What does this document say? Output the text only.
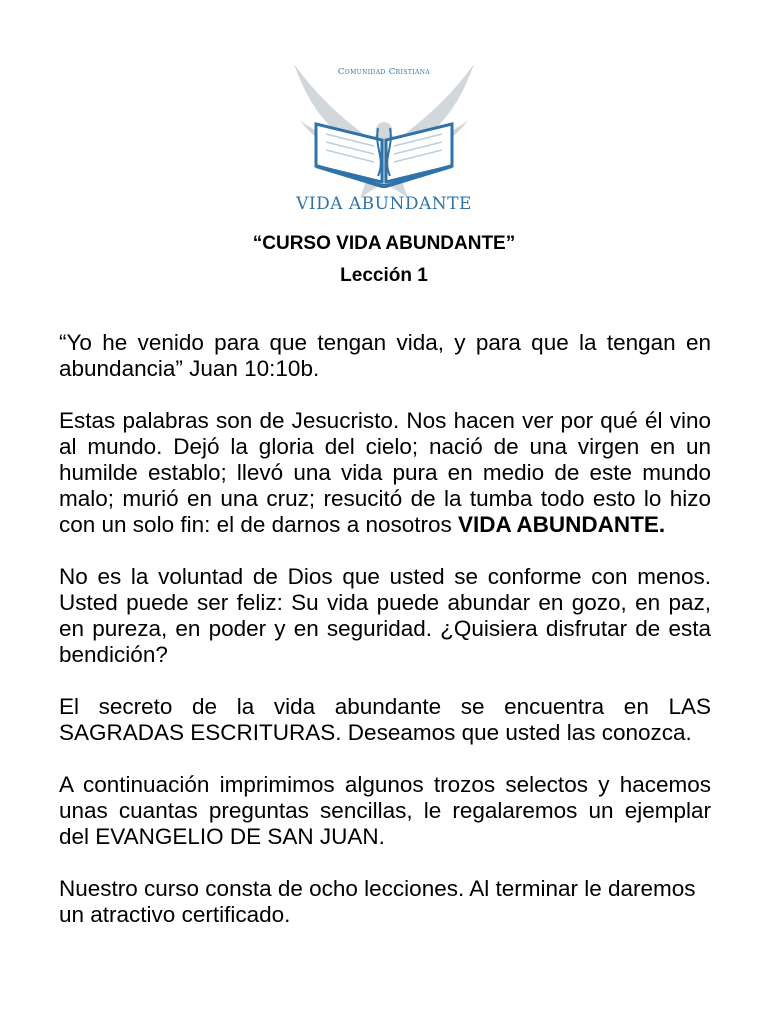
Comunidad Cristiana
VIDA ABUNDANTE
“CURSO VIDA ABUNDANTE”
Lección 1

“Yo he venido para que tengan vida, y para que la tengan en abundancia” Juan 10:10b.

Estas palabras son de Jesucristo. Nos hacen ver por qué él vino al mundo. Dejó la gloria del cielo; nació de una virgen en un humilde establo; llevó una vida pura en medio de este mundo malo; murió en una cruz; resucitó de la tumba todo esto lo hizo con un solo fin: el de darnos a nosotros VIDA ABUNDANTE.

No es la voluntad de Dios que usted se conforme con menos. Usted puede ser feliz: Su vida puede abundar en gozo, en paz, en pureza, en poder y en seguridad. ¿Quisiera disfrutar de esta bendición?

El secreto de la vida abundante se encuentra en LAS SAGRADAS ESCRITURAS. Deseamos que usted las conozca.

A continuación imprimimos algunos trozos selectos y hacemos unas cuantas preguntas sencillas, le regalaremos un ejemplar del EVANGELIO DE SAN JUAN.

Nuestro curso consta de ocho lecciones. Al terminar le daremos un atractivo certificado.
